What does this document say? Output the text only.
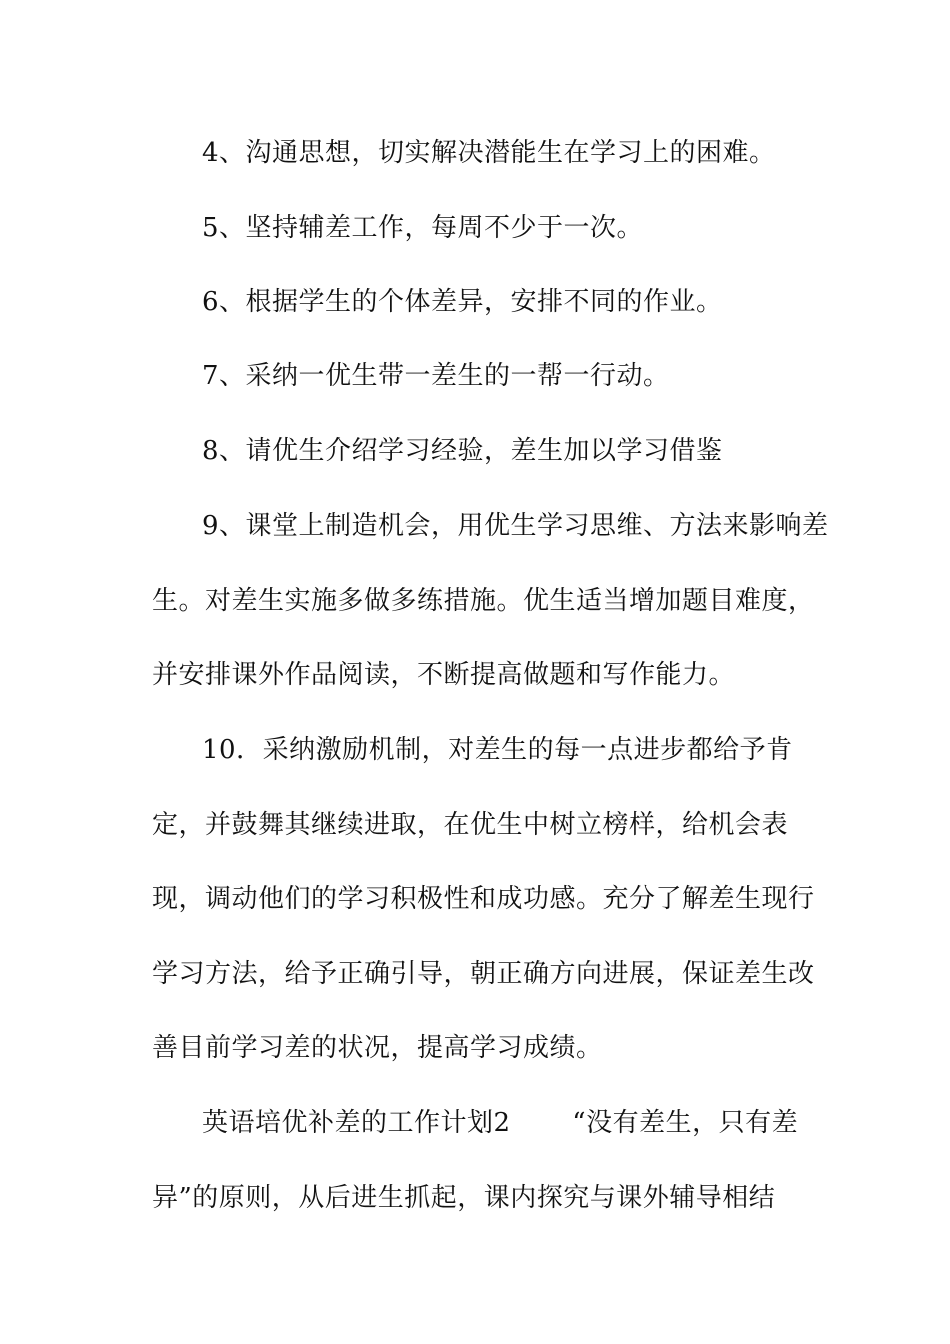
4、沟通思想，切实解决潜能生在学习上的困难。
5、坚持辅差工作，每周不少于一次。
6、根据学生的个体差异，安排不同的作业。
7、采纳一优生带一差生的一帮一行动。
8、请优生介绍学习经验，差生加以学习借鉴
9、课堂上制造机会，用优生学习思维、方法来影响差
生。对差生实施多做多练措施。优生适当增加题目难度，
并安排课外作品阅读，不断提高做题和写作能力。
10．采纳激励机制，对差生的每一点进步都给予肯
定，并鼓舞其继续进取，在优生中树立榜样，给机会表
现，调动他们的学习积极性和成功感。充分了解差生现行
学习方法，给予正确引导，朝正确方向进展，保证差生改
善目前学习差的状况，提高学习成绩。
英语培优补差的工作计划2　　 “没有差生，只有差
异”的原则，从后进生抓起，课内探究与课外辅导相结
